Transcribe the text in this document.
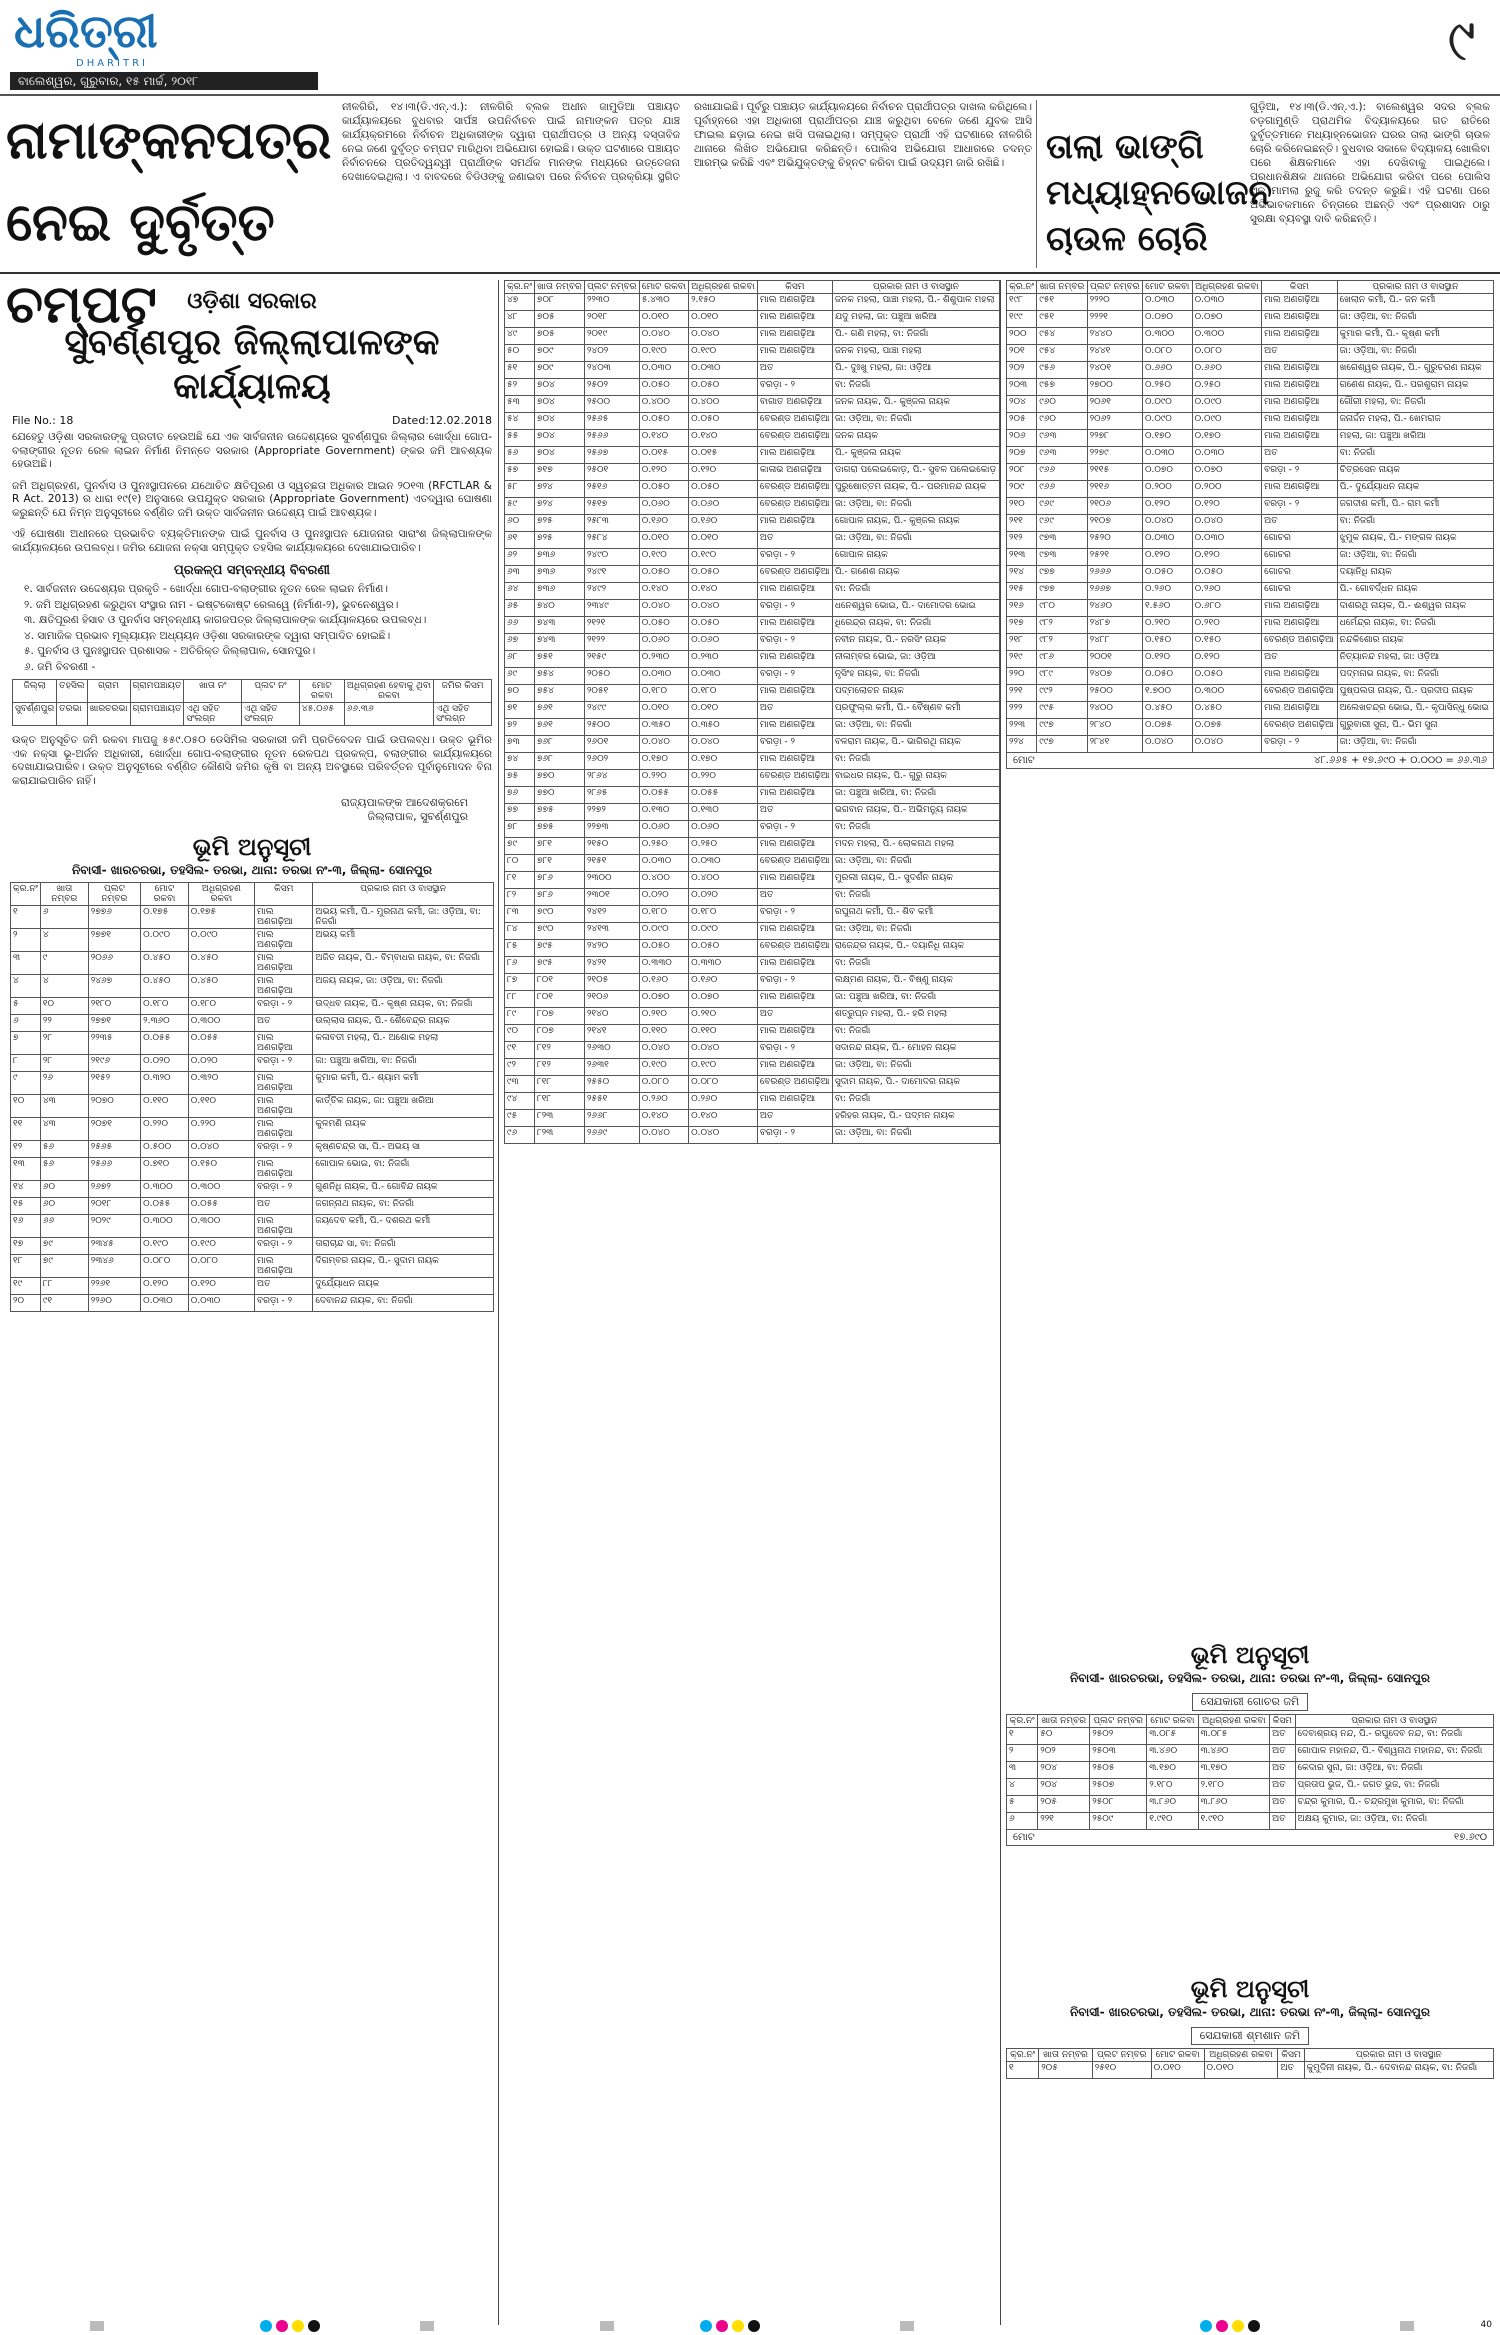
ଧରିତ୍ରୀ
DHARITRI
ବାଲେଶ୍ୱର, ଗୁରୁବାର, ୧୫ ମାର୍ଚ୍ଚ, ୨୦୧୮
୯
ନାମାଙ୍କନପତ୍ର
ନେଇ ଦୁର୍ବୃତ୍ତ ଚମ୍ପଟ
ନୀଳଗିରି, ୧୪।୩(ଡି.ଏନ୍.ଏ.): ନୀଳଗିରି ବ୍ଲକ ଅଧୀନ ଜାମୁଡିଆ ପଞ୍ଚାୟତ କାର୍ଯ୍ୟାଳୟରେ ବୁଧବାର ସାର୍ପଞ୍ଚ ଉପନିର୍ବାଚନ ପାଇଁ ନାମାଙ୍କନ ପତ୍ର ଯାଞ୍ଚ କାର୍ଯ୍ୟକ୍ରମରେ ନିର୍ବାଚନ ଅଧିକାରୀଙ୍କ ଦ୍ୱାରା ପ୍ରାର୍ଥୀପତ୍ର ଓ ଅନ୍ୟ ଦସ୍ତାବିଜ ନେଇ ଜଣେ ଦୁର୍ବୃତ୍ତ ଚମ୍ପଟ ମାରିଥିବା ଅଭିଯୋଗ ହୋଇଛି। ଉକ୍ତ ଘଟଣାରେ ପଞ୍ଚାୟତ ନିର୍ବାଚନରେ ପ୍ରତିଦ୍ୱନ୍ଦ୍ୱୀ ପ୍ରାର୍ଥୀଙ୍କ ସମର୍ଥକ ମାନଙ୍କ ମଧ୍ୟରେ ଉତ୍ତେଜନା ଦେଖାଦେଇଥିଲା। ଏ ବାବଦରେ ବିଡିଓଙ୍କୁ ଜଣାଇବା ପରେ ନିର୍ବାଚନ ପ୍ରକ୍ରିୟା ସ୍ଥଗିତ ରଖାଯାଇଛି। ପୂର୍ବରୁ ପଞ୍ଚାୟତ କାର୍ଯ୍ୟାଳୟରେ ନିର୍ବାଚନ ପ୍ରାର୍ଥୀପତ୍ର ଦାଖଲ କରିଥିଲେ। ପୂର୍ବାହ୍ନରେ ଏହା ଅଧିକାରୀ ପ୍ରାର୍ଥୀପତ୍ର ଯାଞ୍ଚ କରୁଥିବା ବେଳେ ଜଣେ ଯୁବକ ଆସି ଫାଇଲ ଛଡ଼ାଇ ନେଇ ଖସି ପଳାଇଥିଲା। ସମ୍ପୃକ୍ତ ପ୍ରାର୍ଥୀ ଏହି ଘଟଣାରେ ନୀଳଗିରି ଥାନାରେ ଲିଖିତ ଅଭିଯୋଗ କରିଛନ୍ତି। ପୋଲିସ ଅଭିଯୋଗ ଆଧାରରେ ତଦନ୍ତ ଆରମ୍ଭ କରିଛି ଏବଂ ଅଭିଯୁକ୍ତଙ୍କୁ ଚିହ୍ନଟ କରିବା ପାଇଁ ଉଦ୍ୟମ ଜାରି ରଖିଛି।	ତାଲା ଭାଙ୍ଗି
ମଧ୍ୟାହ୍ନଭୋଜନ
ଚାଉଳ ଚୋରି
ଗୁଡ଼ିଆ, ୧୪।୩(ଡି.ଏନ୍.ଏ.): ବାଲେଶ୍ୱର ସଦର ବ୍ଲକ ବଡ଼ଗାମୁଣ୍ଡି ପ୍ରାଥମିକ ବିଦ୍ୟାଳୟରେ ଗତ ରାତିରେ ଦୁର୍ବୃତ୍ତମାନେ ମଧ୍ୟାହ୍ନଭୋଜନ ଘରର ତାଲା ଭାଙ୍ଗି ଚାଉଳ ଚୋରି କରିନେଇଛନ୍ତି। ବୁଧବାର ସକାଳେ ବିଦ୍ୟାଳୟ ଖୋଲିବା ପରେ ଶିକ୍ଷକମାନେ ଏହା ଦେଖିବାକୁ ପାଇଥିଲେ। ପ୍ରଧାନଶିକ୍ଷକ ଥାନାରେ ଅଭିଯୋଗ କରିବା ପରେ ପୋଲିସ ଏକ ମାମଲା ରୁଜୁ କରି ତଦନ୍ତ କରୁଛି। ଏହି ଘଟଣା ପରେ ଅଭିଭାବକମାନେ ଚିନ୍ତାରେ ଅଛନ୍ତି ଏବଂ ପ୍ରଶାସନ ଠାରୁ ସୁରକ୍ଷା ବ୍ୟବସ୍ଥା ଦାବି କରିଛନ୍ତି।
ଓଡ଼ିଶା ସରକାର
ସୁବର୍ଣ୍ଣପୁର ଜିଲ୍ଲାପାଳଙ୍କ କାର୍ଯ୍ୟାଳୟ
File No.: 18	Dated:12.02.2018
ଯେହେତୁ ଓଡ଼ିଶା ସରକାରଙ୍କୁ ପ୍ରତୀତ ହେଉଅଛି ଯେ ଏକ ସାର୍ବଜନୀନ ଉଦ୍ଦେଶ୍ୟରେ ସୁବର୍ଣ୍ଣପୁର ଜିଲ୍ଲାର ଖୋର୍ଦ୍ଧା ଗୋପ-ବଲାଙ୍ଗୀର ନୂତନ ରେଳ ଲାଇନ ନିର୍ମାଣ ନିମନ୍ତେ ସରକାର (Appropriate Government) ଙ୍କର ଜମି ଆବଶ୍ୟକ ହେଉଅଛି।
ଜମି ଅଧିଗ୍ରହଣ, ପୁନର୍ବାସ ଓ ପୁନଃସ୍ଥାପନରେ ଯଥୋଚିତ କ୍ଷତିପୂରଣ ଓ ସ୍ୱଚ୍ଛତା ଅଧିକାର ଆଇନ ୨୦୧୩ (RFCTLAR & R Act. 2013) ର ଧାରା ୧୯(୧) ଅନୁସାରେ ଉପଯୁକ୍ତ ସରକାର (Appropriate Government) ଏତଦ୍ୱାରା ଘୋଷଣା କରୁଛନ୍ତି ଯେ ନିମ୍ନ ଅନୁସୂଚୀରେ ବର୍ଣ୍ଣିତ ଜମି ଉକ୍ତ ସାର୍ବଜନୀନ ଉଦ୍ଦେଶ୍ୟ ପାଇଁ ଆବଶ୍ୟକ।
ଏହି ଘୋଷଣା ଅଧୀନରେ ପ୍ରଭାବିତ ବ୍ୟକ୍ତିମାନଙ୍କ ପାଇଁ ପୁନର୍ବାସ ଓ ପୁନଃସ୍ଥାପନ ଯୋଜନାର ସାରାଂଶ ଜିଲ୍ଲାପାଳଙ୍କ କାର୍ଯ୍ୟାଳୟରେ ଉପଲବ୍ଧ। ଜମିର ଯୋଜନା ନକ୍ସା ସମ୍ପୃକ୍ତ ତହସିଲ କାର୍ଯ୍ୟାଳୟରେ ଦେଖାଯାଇପାରିବ।
ପ୍ରକଳ୍ପ ସମ୍ବନ୍ଧୀୟ ବିବରଣୀ
୧. ସାର୍ବଜନୀନ ଉଦ୍ଦେଶ୍ୟର ପ୍ରକୃତି - ଖୋର୍ଦ୍ଧା ଗୋପ-ବଲାଙ୍ଗୀର ନୂତନ ରେଳ ଲାଇନ ନିର୍ମାଣ।
୨. ଜମି ଅଧିଗ୍ରହଣ କରୁଥିବା ସଂସ୍ଥାର ନାମ - ଇଷ୍ଟକୋଷ୍ଟ ରେଲୱେ (ନିର୍ମାଣ-୨), ଭୁବନେଶ୍ୱର।
୩. କ୍ଷତିପୂରଣ ହିସାବ ଓ ପୁନର୍ବାସ ସମ୍ବନ୍ଧୀୟ କାଗଜପତ୍ର ଜିଲ୍ଲାପାଳଙ୍କ କାର୍ଯ୍ୟାଳୟରେ ଉପଲବ୍ଧ।
୪. ସାମାଜିକ ପ୍ରଭାବ ମୂଲ୍ୟାୟନ ଅଧ୍ୟୟନ ଓଡ଼ିଶା ସରକାରଙ୍କ ଦ୍ୱାରା ସମ୍ପାଦିତ ହୋଇଛି।
୫. ପୁନର୍ବାସ ଓ ପୁନଃସ୍ଥାପନ ପ୍ରଶାସକ - ଅତିରିକ୍ତ ଜିଲ୍ଲାପାଳ, ସୋନପୁର।
୬. ଜମି ବିବରଣୀ -
ଜିଲ୍ଲା	ତହସିଲ	ଗ୍ରାମ	ଗ୍ରାମପଞ୍ଚାୟତ	ଖାତା ନଂ	ପ୍ଲଟ ନଂ	ମୋଟ ରକବା	ଅଧିଗ୍ରହଣ ହେବାକୁ ଥିବା ରକବା	ଜମିର କିସମ
ସୁବର୍ଣ୍ଣପୁର	ତରଭା	ଖାରଚରଭା	ଗ୍ରାମପଞ୍ଚାୟତ	ଏଥି ସହିତ ସଂଲଗ୍ନ	ଏଥି ସହିତ ସଂଲଗ୍ନ	୪୫.୦୬୫	୬୬.୩୬	ଏଥି ସହିତ ସଂଲଗ୍ନ
ଉକ୍ତ ଅନୁସୂଚିତ ଜମି ରକବା ମାପଜୁ ୫୫୯.୦୫୦ ଡେସିମିଲ ସରକାରୀ ଜମି ପ୍ରତିବେଦନ ପାଇଁ ଉପଲବ୍ଧ। ଉକ୍ତ ଭୂମିର ଏକ ନକ୍ସା ଭୂ-ଅର୍ଜନ ଅଧିକାରୀ, ଖୋର୍ଦ୍ଧା ଗୋପ-ବଲାଙ୍ଗୀର ନୂତନ ରେଳପଥ ପ୍ରକଳ୍ପ, ବଲାଙ୍ଗୀର କାର୍ଯ୍ୟାଳୟରେ ଦେଖାଯାଇପାରିବ। ଉକ୍ତ ଅନୁସୂଚୀରେ ବର୍ଣ୍ଣିତ କୌଣସି ଜମିର କୃଷି ବା ଅନ୍ୟ ଅବସ୍ଥାରେ ପରିବର୍ତ୍ତନ ପୂର୍ବାନୁମୋଦନ ବିନା କରାଯାଇପାରିବ ନାହିଁ।
ରାଜ୍ୟପାଳଙ୍କ ଆଦେଶକ୍ରମେ
ଜିଲ୍ଲାପାଳ, ସୁବର୍ଣ୍ଣପୁର
ଭୂମି ଅନୁସୂଚୀ
ନିବାସୀ- ଖାରଚରଭା, ତହସିଲ- ତରଭା, ଥାନା: ତରଭା ନଂ-୩, ଜିଲ୍ଲା- ସୋନପୁର
କ୍ର.ନଂ	ଖାତା ନମ୍ବର	ପ୍ଲଟ ନମ୍ବର	ମୋଟ ରକବା	ଅଧିଗ୍ରହଣ ରକବା	କିସମ	ପ୍ରକାର ନାମ ଓ ବାସସ୍ଥାନ
୧	୬	୨୭୭୬	୦.୧୭୫	୦.୧୭୫	ମାଲ ଅଣଗଢ଼ିଆ	ଅଭୟ କର୍ମୀ, ପି.- ମୁରନାଥ କର୍ମୀ, ଜା: ଓଡ଼ିଆ, ବା: ନିଜଗାଁ
୨	୪	୨୭୭୧	୦.୦୯୦	୦.୦୯୦	ମାଲ ଅଣଗଢ଼ିଆ	ଅଭୟ କର୍ମୀ
୩	୯	୨୦୬୬	୦.୪୫୦	୦.୪୫୦	ମାଲ ଅଣଗଢ଼ିଆ	ଅଜିତ ନାୟକ, ପି.- ବିମ୍ବାଧର ନାୟକ, ବା: ନିଜଗାଁ
୪	୪	୨୪୬୭	୦.୪୫୦	୦.୪୫୦	ମାଲ ଅଣଗଢ଼ିଆ	ଅଜୟ ନାୟକ, ଜା: ଓଡ଼ିଆ, ବା: ନିଜଗାଁ
୫	୧୦	୨୧୮୦	୦.୧୮୦	୦.୧୮୦	ବରଡ଼ା - ୨	ଉଦ୍ଧବ ନାୟକ, ପି.- କୃଷ୍ଣ ନାୟକ, ବା: ନିଜଗାଁ
୬	୨୨	୨୭୭୧	୨.୩୬୦	୦.୩୦୦	ଅତ	ଉଲ୍ଲାସ ନାୟକ, ପି.- ଶୈବେନ୍ଦ୍ର ନାୟକ
୭	୨୮	୨୨୩୫	୦.୦୫୫	୦.୦୫୫	ମାଲ ଅଣଗଢ଼ିଆ	କଳାବତୀ ମହଲା, ପି.- ଅଶୋକ ମହଲା
୮	୨୮	୨୧୯୬	୦.୦୨୦	୦.୦୨୦	ବରଡ଼ା - ୨	ଜା: ପଞ୍ଚୁଆ ଖରିଆ, ବା: ନିଜଗାଁ
୯	୨୬	୨୧୫୨	୦.୩୨୦	୦.୩୨୦	ମାଲ ଅଣଗଢ଼ିଆ	କୁମାର କର୍ମୀ, ପି.- ଶ୍ୟାମ କର୍ମୀ
୧୦	୪୩	୨୦୭୦	୦.୧୧୦	୦.୧୧୦	ମାଲ ଅଣଗଢ଼ିଆ	କାର୍ତ୍ତିକ ନାୟକ, ଜା: ପଞ୍ଚୁଆ ଖରିଆ
୧୧	୪୩	୨୦୭୧	୦.୨୨୦	୦.୨୨୦	ମାଲ ଅଣଗଢ଼ିଆ	କୁଳମଣି ନାୟକ
୧୨	୫୬	୨୫୬୫	୦.୫୦୦	୦.୦୪୦	ବରଡ଼ା - ୨	କୃଷ୍ଣଚନ୍ଦ୍ର ସା, ପି.- ଅଭୟ ସା
୧୩	୫୬	୨୫୬୬	୦.୭୧୦	୦.୧୫୦	ମାଲ ଅଣଗଢ଼ିଆ	ଗୋପାଳ ଭୋଇ, ବା: ନିଜଗାଁ
୧୪	୬୦	୨୬୭୨	୦.୩୦୦	୦.୩୦୦	ବରଡ଼ା - ୨	ଗୁଣନିଧି ନାୟକ, ପି.- ଗୋବିନ୍ଦ ନାୟକ
୧୫	୬୦	୨୦୧୮	୦.୦୫୫	୦.୦୫୫	ଅତ	ଜଗନ୍ନାଥ ନାୟକ, ବା: ନିଜଗାଁ
୧୬	୬୬	୨୦୨୯	୦.୩୦୦	୦.୩୦୦	ମାଲ ଅଣଗଢ଼ିଆ	ଜୟଦେବ କର୍ମୀ, ପି.- ଦଶରଥ କର୍ମୀ
୧୭	୭୯	୨୩୪୫	୦.୧୯୦	୦.୧୯୦	ବରଡ଼ା - ୨	ତାରାଚାନ୍ଦ ସା, ବା: ନିଜଗାଁ
୧୮	୭୯	୨୩୪୬	୦.୦୮୦	୦.୦୮୦	ମାଲ ଅଣଗଢ଼ିଆ	ଦିଗମ୍ବର ନାୟକ, ପି.- ସୁଦାମ ନାୟକ
୧୯	୮୮	୨୨୬୧	୦.୧୨୦	୦.୧୨୦	ଅତ	ଦୁର୍ଯ୍ୟୋଧନ ନାୟକ
୨୦	୯୧	୨୨୬୦	୦.୦୩୦	୦.୦୩୦	ବରଡ଼ା - ୨	ଦେବାନନ୍ଦ ନାୟକ, ବା: ନିଜଗାଁ
କ୍ର.ନଂ	ଖାତା ନମ୍ବର	ପ୍ଲଟ ନମ୍ବର	ମୋଟ ରକବା	ଅଧିଗ୍ରହଣ ରକବା	କିସମ	ପ୍ରକାର ନାମ ଓ ବାସସ୍ଥାନ
୪୭	୭୦୮	୨୨୩୦	୫.୪୩୦	୨.୧୫୦	ମାଲ ଅଣଗଢ଼ିଆ	ଜନକ ମହଲା, ପାଞ୍ଚା ମହଲା, ପି.- ଶିଶୁପାଳ ମହଲା
୪୮	୭୦୫	୨୦୧୮	୦.୦୧୦	୦.୦୧୦	ମାଲ ଅଣଗଢ଼ିଆ	ଯଦୁ ମହଲା, ଜା: ପଞ୍ଚୁଆ ଖରିଆ
୪୯	୭୦୫	୨୦୧୯	୦.୦୪୦	୦.୦୪୦	ମାଲ ଅଣଗଢ଼ିଆ	ପି.- ଗଣି ମହଲା, ବା: ନିଜଗାଁ
୫୦	୭୦୯	୨୪୦୨	୦.୧୯୦	୦.୧୯୦	ମାଲ ଅଣଗଢ଼ିଆ	ଜନକ ମହଲା, ପାଞ୍ଚା ମହଲା
୫୧	୭୦୯	୨୪୦୩	୦.୦୩୦	୦.୦୩୦	ଅତ	ପି.- ଦୁଃଖୁ ମହଲା, ଜା: ଓଡ଼ିଆ
୫୨	୭୦୪	୨୫୦୨	୦.୦୫୦	୦.୦୫୦	ବରଡ଼ା - ୨	ବା: ନିଜଗାଁ
୫୩	୭୦୪	୨୫୦୦	୦.୪୦୦	୦.୪୦୦	ବାଗାତ ଅଣଗଢ଼ିଆ	ଜନକ ନାୟକ, ପି.- କୁଞ୍ଜଲ ନାୟକ
୫୪	୭୦୪	୨୫୬୫	୦.୦୫୦	୦.୦୫୦	ବେରଣ୍ଡ ଅଣଗଢ଼ିଆ	ଜା: ଓଡ଼ିଆ, ବା: ନିଜଗାଁ
୫୫	୭୦୪	୨୫୬୬	୦.୧୪୦	୦.୧୪୦	ବେରଣ୍ଡ ଅଣଗଢ଼ିଆ	ଜନକ ନାୟକ
୫୬	୭୦୪	୨୫୬୭	୦.୦୧୫	୦.୦୧୫	ମାଲ ଅଣଗଢ଼ିଆ	ପି.- କୁଞ୍ଜଲ ନାୟକ
୫୭	୭୧୭	୨୫୦୧	୦.୧୨୦	୦.୧୨୦	କାଳାଭ ଅଣଗଢ଼ିଆ	ଡାଗରା ପଲେଇକୋଡ଼, ପି.- ସୁବଳ ପଲେଇକୋଡ଼
୫୮	୭୨୪	୨୫୧୬	୦.୦୫୦	୦.୦୫୦	ବେରଣ୍ଡ ଅଣଗଢ଼ିଆ	ପୁରୁଷୋତ୍ତମ ନାୟକ, ପି.- ପରମାନନ୍ଦ ନାୟକ
୫୯	୭୨୪	୨୫୧୭	୦.୦୬୦	୦.୦୬୦	ବେରଣ୍ଡ ଅଣଗଢ଼ିଆ	ଜା: ଓଡ଼ିଆ, ବା: ନିଜଗାଁ
୬୦	୭୨୫	୨୫୮୩	୦.୧୬୦	୦.୧୬୦	ମାଲ ଅଣଗଢ଼ିଆ	ଗୋପାଳ ନାୟକ, ପି.- କୁଞ୍ଜଲ ନାୟକ
୬୧	୭୨୫	୨୫୮୪	୦.୦୧୦	୦.୦୧୦	ଅତ	ଜା: ଓଡ଼ିଆ, ବା: ନିଜଗାଁ
୬୨	୭୩୬	୨୪୯୦	୦.୧୯୦	୦.୧୯୦	ବରଡ଼ା - ୨	ଗୋପାଳ ନାୟକ
୬୩	୭୩୬	୨୪୯୧	୦.୦୫୦	୦.୦୫୦	ବେରଣ୍ଡ ଅଣଗଢ଼ିଆ	ପି.- ଗଣେଶ ନାୟକ
୬୪	୭୩୬	୨୪୯୨	୦.୧୪୦	୦.୧୪୦	ମାଲ ଅଣଗଢ଼ିଆ	ବା: ନିଜଗାଁ
୬୫	୭୪୦	୨୩୪୯	୦.୦୪୦	୦.୦୪୦	ବରଡ଼ା - ୨	ଧନେଶ୍ୱର ଭୋଇ, ପି.- ଦାମୋଦର ଭୋଇ
୬୬	୭୪୩	୨୧୨୧	୦.୦୫୦	୦.୦୫୦	ମାଲ ଅଣଗଢ଼ିଆ	ଧିରେନ୍ଦ୍ର ନାୟକ, ବା: ନିଜଗାଁ
୬୭	୭୪୩	୨୧୨୨	୦.୦୬୦	୦.୦୬୦	ବରଡ଼ା - ୨	ନବୀନ ନାୟକ, ପି.- ନରସିଂ ନାୟକ
୬୮	୭୫୧	୨୧୫୯	୦.୨୩୦	୦.୨୩୦	ମାଲ ଅଣଗଢ଼ିଆ	ନୀଳାମ୍ବର ଭୋଇ, ଜା: ଓଡ଼ିଆ
୬୯	୭୫୪	୨୦୫୦	୦.୦୩୦	୦.୦୩୦	ବରଡ଼ା - ୨	ନୃସିଂହ ନାୟକ, ବା: ନିଜଗାଁ
୭୦	୭୫୪	୨୦୫୧	୦.୧୮୦	୦.୧୮୦	ମାଲ ଅଣଗଢ଼ିଆ	ପଦ୍ମଲୋଚନ ନାୟକ
୭୧	୭୬୧	୨୪୯୯	୦.୦୧୦	୦.୦୧୦	ଅତ	ପ୍ରଫୁଲ୍ଲ କର୍ମୀ, ପି.- ବୈଷ୍ଣବ କର୍ମୀ
୭୨	୭୬୧	୨୫୦୦	୦.୩୫୦	୦.୩୫୦	ମାଲ ଅଣଗଢ଼ିଆ	ଜା: ଓଡ଼ିଆ, ବା: ନିଜଗାଁ
୭୩	୭୬୮	୨୬୦୧	୦.୦୪୦	୦.୦୪୦	ବରଡ଼ା - ୨	ବଳରାମ ନାୟକ, ପି.- ଭାଗିରଥି ନାୟକ
୭୪	୭୬୮	୨୬୦୨	୦.୧୭୦	୦.୧୭୦	ମାଲ ଅଣଗଢ଼ିଆ	ବା: ନିଜଗାଁ
୭୫	୭୭୦	୨୮୬୪	୦.୨୨୦	୦.୨୨୦	ବେରଣ୍ଡ ଅଣଗଢ଼ିଆ	ବାଇଧର ନାୟକ, ପି.- ଗୁରୁ ନାୟକ
୭୬	୭୭୦	୨୮୬୫	୦.୦୫୫	୦.୦୫୫	ମାଲ ଅଣଗଢ଼ିଆ	ଜା: ପଞ୍ଚୁଆ ଖରିଆ, ବା: ନିଜଗାଁ
୭୭	୭୭୫	୨୨୭୨	୦.୧୩୦	୦.୧୩୦	ଅତ	ଭଗବାନ ନାୟକ, ପି.- ଅଭିମନ୍ୟୁ ନାୟକ
୭୮	୭୭୫	୨୨୭୩	୦.୦୬୦	୦.୦୬୦	ବରଡ଼ା - ୨	ବା: ନିଜଗାଁ
୭୯	୭୮୧	୨୧୫୦	୦.୨୫୦	୦.୨୫୦	ମାଲ ଅଣଗଢ଼ିଆ	ମଦନ ମହଲା, ପି.- ଲୋକନାଥ ମହଲା
୮୦	୭୮୧	୨୧୫୧	୦.୦୩୦	୦.୦୩୦	ବେରଣ୍ଡ ଅଣଗଢ଼ିଆ	ଜା: ଓଡ଼ିଆ, ବା: ନିଜଗାଁ
୮୧	୭୮୬	୨୩୦୦	୦.୪୦୦	୦.୪୦୦	ମାଲ ଅଣଗଢ଼ିଆ	ମୁରଲୀ ନାୟକ, ପି.- ସୁଦର୍ଶନ ନାୟକ
୮୨	୭୮୬	୨୩୦୧	୦.୦୨୦	୦.୦୨୦	ଅତ	ବା: ନିଜଗାଁ
୮୩	୭୯୦	୨୪୧୨	୦.୧୮୦	୦.୧୮୦	ବରଡ଼ା - ୨	ରଘୁନାଥ କର୍ମୀ, ପି.- ଶିବ କର୍ମୀ
୮୪	୭୯୦	୨୪୧୩	୦.୦୯୦	୦.୦୯୦	ମାଲ ଅଣଗଢ଼ିଆ	ଜା: ଓଡ଼ିଆ, ବା: ନିଜଗାଁ
୮୫	୭୯୫	୨୪୨୦	୦.୦୫୦	୦.୦୫୦	ବେରଣ୍ଡ ଅଣଗଢ଼ିଆ	ରାଜେନ୍ଦ୍ର ନାୟକ, ପି.- ଦୟାନିଧି ନାୟକ
୮୬	୭୯୫	୨୪୨୧	୦.୩୩୦	୦.୩୩୦	ମାଲ ଅଣଗଢ଼ିଆ	ବା: ନିଜଗାଁ
୮୭	୮୦୧	୨୧୦୫	୦.୧୬୦	୦.୧୬୦	ବରଡ଼ା - ୨	ଲକ୍ଷ୍ମଣ ନାୟକ, ପି.- ବିଷ୍ଣୁ ନାୟକ
୮୮	୮୦୧	୨୧୦୬	୦.୦୭୦	୦.୦୭୦	ମାଲ ଅଣଗଢ଼ିଆ	ଜା: ପଞ୍ଚୁଆ ଖରିଆ, ବା: ନିଜଗାଁ
୮୯	୮୦୭	୨୧୪୦	୦.୨୧୦	୦.୨୧୦	ଅତ	ଶତ୍ରୁଘ୍ନ ମହଲା, ପି.- ହରି ମହଲା
୯୦	୮୦୭	୨୧୪୧	୦.୧୧୦	୦.୧୧୦	ମାଲ ଅଣଗଢ଼ିଆ	ବା: ନିଜଗାଁ
୯୧	୮୧୨	୨୬୩୦	୦.୦୪୦	୦.୦୪୦	ବରଡ଼ା - ୨	ସଦାନନ୍ଦ ନାୟକ, ପି.- ମୋହନ ନାୟକ
୯୨	୮୧୨	୨୬୩୧	୦.୧୯୦	୦.୧୯୦	ମାଲ ଅଣଗଢ଼ିଆ	ଜା: ଓଡ଼ିଆ, ବା: ନିଜଗାଁ
୯୩	୮୧୮	୨୫୫୦	୦.୦୮୦	୦.୦୮୦	ବେରଣ୍ଡ ଅଣଗଢ଼ିଆ	ସୁଦାମ ନାୟକ, ପି.- ଦାମୋଦର ନାୟକ
୯୪	୮୧୮	୨୫୫୧	୦.୨୬୦	୦.୨୬୦	ମାଲ ଅଣଗଢ଼ିଆ	ବା: ନିଜଗାଁ
୯୫	୮୨୩	୨୬୬୮	୦.୧୪୦	୦.୧୪୦	ଅତ	ହରିହର ନାୟକ, ପି.- ପଦ୍ମନ ନାୟକ
୯୬	୮୨୩	୨୬୬୯	୦.୦୪୦	୦.୦୪୦	ବରଡ଼ା - ୨	ଜା: ଓଡ଼ିଆ, ବା: ନିଜଗାଁ
କ୍ର.ନଂ	ଖାତା ନମ୍ବର	ପ୍ଲଟ ନମ୍ବର	ମୋଟ ରକବା	ଅଧିଗ୍ରହଣ ରକବା	କିସମ	ପ୍ରକାର ନାମ ଓ ବାସସ୍ଥାନ
୧୯୮	୯୫୧	୨୨୨୦	୦.୦୩୦	୦.୦୩୦	ମାଲ ଅଣଗଢ଼ିଆ	ଖେଲାନ କର୍ମୀ, ପି.- ଜନ କର୍ମୀ
୧୯୯	୯୫୧	୨୨୨୧	୦.୦୭୦	୦.୦୭୦	ମାଲ ଅଣଗଢ଼ିଆ	ଜା: ଓଡ଼ିଆ, ବା: ନିଜଗାଁ
୨୦୦	୯୫୪	୨୪୪୦	୦.୩୦୦	୦.୩୦୦	ମାଲ ଅଣଗଢ଼ିଆ	କୁମାର କର୍ମୀ, ପି.- କୃଷ୍ଣ କର୍ମୀ
୨୦୧	୯୫୪	୨୪୪୧	୦.୦୮୦	୦.୦୮୦	ଅତ	ଜା: ଓଡ଼ିଆ, ବା: ନିଜଗାଁ
୨୦୨	୯୫୬	୨୪୦୧	୦.୬୬୦	୦.୬୬୦	ମାଲ ଅଣଗଢ଼ିଆ	ଖଗେଶ୍ୱର ନାୟକ, ପି.- ଗୁରୁଚରଣ ନାୟକ
୨୦୩	୯୫୭	୨୭୦୦	୦.୨୫୦	୦.୨୫୦	ମାଲ ଅଣଗଢ଼ିଆ	ଗଣେଶ ନାୟକ, ପି.- ପରଶୁରାମ ନାୟକ
୨୦୪	୯୬୦	୨୦୬୧	୦.୦୯୦	୦.୦୯୦	ମାଲ ଅଣଗଢ଼ିଆ	ଗୌରୀ ମହଲା, ବା: ନିଜଗାଁ
୨୦୫	୯୬୦	୨୦୬୨	୦.୦୯୦	୦.୦୯୦	ମାଲ ଅଣଗଢ଼ିଆ	ଜନାର୍ଦ୍ଦନ ମହଲା, ପି.- ଖେମରାଜ
୨୦୬	୯୬୩	୨୨୭୮	୦.୧୭୦	୦.୧୭୦	ମାଲ ଅଣଗଢ଼ିଆ	ମହଲା, ଜା: ପଞ୍ଚୁଆ ଖରିଆ
୨୦୭	୯୬୩	୨୨୭୯	୦.୦୩୦	୦.୦୩୦	ଅତ	ବା: ନିଜଗାଁ
୨୦୮	୯୬୬	୨୧୧୫	୦.୦୭୦	୦.୦୭୦	ବରଡ଼ା - ୨	ଚିତ୍ରସେନ ନାୟକ
୨୦୯	୯୬୬	୨୧୧୬	୦.୨୦୦	୦.୨୦୦	ମାଲ ଅଣଗଢ଼ିଆ	ପି.- ଦୁର୍ଯ୍ୟୋଧନ ନାୟକ
୨୧୦	୯୬୯	୨୧୦୬	୦.୧୨୦	୦.୧୨୦	ବରଡ଼ା - ୨	ଜଗଦୀଶ କର୍ମୀ, ପି.- ରାମ କର୍ମୀ
୨୧୧	୯୬୯	୨୧୦୭	୦.୦୪୦	୦.୦୪୦	ଅତ	ବା: ନିଜଗାଁ
୨୧୨	୯୭୩	୨୫୨୦	୦.୦୩୦	୦.୦୩୦	ଗୋଚର	ଝୁମୁକ ନାୟକ, ପି.- ମଙ୍ଗଳ ନାୟକ
୨୧୩	୯୭୩	୨୫୨୧	୦.୧୨୦	୦.୧୨୦	ଗୋଚର	ଜା: ଓଡ଼ିଆ, ବା: ନିଜଗାଁ
୨୧୪	୯୭୭	୨୬୬୬	୦.୦୫୦	୦.୦୫୦	ଗୋଚର	ଦୟାନିଧି ନାୟକ
୨୧୫	୯୭୭	୨୬୬୭	୦.୨୬୦	୦.୨୬୦	ଗୋଚର	ପି.- ଗୋବର୍ଦ୍ଧନ ନାୟକ
୨୧୬	୯୮୦	୨୪୬୦	୧.୫୬୦	୦.୬୮୦	ମାଲ ଅଣଗଢ଼ିଆ	ଦାଶରଥି ନାୟକ, ପି.- ଈଶ୍ୱର ନାୟକ
୨୧୭	୯୮୨	୨୪୮୭	୦.୨୧୦	୦.୨୧୦	ମାଲ ଅଣଗଢ଼ିଆ	ଧର୍ମେନ୍ଦ୍ର ନାୟକ, ବା: ନିଜଗାଁ
୨୧୮	୯୮୨	୨୪୮୮	୦.୧୫୦	୦.୧୫୦	ବେରଣ୍ଡ ଅଣଗଢ଼ିଆ	ନନ୍ଦକିଶୋର ନାୟକ
୨୧୯	୯୮୬	୨୦୦୧	୦.୧୨୦	୦.୧୨୦	ଅତ	ନିତ୍ୟାନନ୍ଦ ମହଲା, ଜା: ଓଡ଼ିଆ
୨୨୦	୯୮୯	୨୪୦୭	୦.୦୫୦	୦.୦୫୦	ମାଲ ଅଣଗଢ଼ିଆ	ପଦ୍ମନାଭ ନାୟକ, ବା: ନିଜଗାଁ
୨୨୧	୯୯୨	୨୫୦୦	୧.୭୦୦	୦.୩୦୦	ବେରଣ୍ଡ ଅଣଗଢ଼ିଆ	ପୁଷ୍ପଲତା ନାୟକ, ପି.- ପ୍ରଦୀପ ନାୟକ
୨୨୨	୯୯୫	୨୪୦୦	୦.୪୫୦	୦.୪୫୦	ମାଲ ଅଣଗଢ଼ିଆ	ଅଲେଖଚନ୍ଦ୍ର ଭୋଇ, ପି.- କୃପାସିନ୍ଧୁ ଭୋଇ
୨୨୩	୯୯୭	୨୮୪୦	୦.୦୭୫	୦.୦୭୫	ବେରଣ୍ଡ ଅଣଗଢ଼ିଆ	ଗୁରୁବାରୀ ସୁନା, ପି.- ଭିମ ସୁନା
୨୨୪	୯୯୭	୨୮୪୧	୦.୦୪୦	୦.୦୪୦	ବରଡ଼ା - ୨	ଜା: ଓଡ଼ିଆ, ବା: ନିଜଗାଁ
ମୋଟ	୪୮.୬୬୫ + ୧୭.୬୯୦ + ୦.୦୦୦ = ୬୬.୩୬
ଭୂମି ଅନୁସୂଚୀ
ନିବାସୀ- ଖାରଚରଭା, ତହସିଲ- ତରଭା, ଥାନା: ତରଭା ନଂ-୩, ଜିଲ୍ଲା- ସୋନପୁର
ସେଯକାରୀ ଗୋଚର ଜମି
କ୍ର.ନଂ	ଖାତା ନମ୍ବର	ପ୍ଲଟ ନମ୍ବର	ମୋଟ ରକବା	ଅଧିଗ୍ରହଣ ରକବା	କିସମ	ପ୍ରକାର ନାମ ଓ ବାସସ୍ଥାନ
୧	୫୦	୨୫୦୨	୩.୦୮୫	୩.୦୮୫	ଅତ	ଦେବାଶ୍ରୟ ନନ୍ଦ, ପି.- ରଘୁଦେବ ନନ୍ଦ, ବା: ନିଜଗାଁ
୨	୨୦୨	୨୫୦୩	୩.୪୬୦	୩.୪୬୦	ଅତ	ଗୋପାଳ ମହାନନ୍ଦ, ପି.- ବିଶ୍ୱନାଥ ମହାନନ୍ଦ, ବା: ନିଜଗାଁ
୩	୨୦୪	୨୫୦୫	୩.୧୭୦	୩.୧୭୦	ଅତ	କେଦାର ସୁନା, ଜା: ଓଡ଼ିଆ, ବା: ନିଜଗାଁ
୪	୨୦୪	୨୫୦୭	୨.୧୮୦	୨.୧୮୦	ଅତ	ପ୍ରତାପ ଭୁଜ, ପି.- ଜଗତ ଭୁଜ, ବା: ନିଜଗାଁ
୫	୨୦୫	୨୫୦୮	୩.୮୬୦	୩.୮୬୦	ଅତ	ଚନ୍ଦ୍ର କୁମାର, ପି.- ଚନ୍ଦ୍ରମୁଖ କୁମାର, ବା: ନିଜଗାଁ
୬	୨୨୧	୨୫୦୯	୧.୯୧୦	୧.୯୧୦	ଅତ	ଅକ୍ଷୟ କୁମାର, ଜା: ଓଡ଼ିଆ, ବା: ନିଜଗାଁ
ମୋଟ	୧୭.୬୯୦
ଭୂମି ଅନୁସୂଚୀ
ନିବାସୀ- ଖାରଚରଭା, ତହସିଲ- ତରଭା, ଥାନା: ତରଭା ନଂ-୩, ଜିଲ୍ଲା- ସୋନପୁର
ସେଯକାରୀ ଶ୍ମଶାନ ଜମି
କ୍ର.ନଂ	ଖାତା ନମ୍ବର	ପ୍ଲଟ ନମ୍ବର	ମୋଟ ରକବା	ଅଧିଗ୍ରହଣ ରକବା	କିସମ	ପ୍ରକାର ନାମ ଓ ବାସସ୍ଥାନ
୧	୨୦୫	୨୫୧୦	୦.୦୧୦	୦.୦୧୦	ଅତ	କୁମୁଦିନୀ ନାୟକ, ପି.- ଦେବାନନ୍ଦ ନାୟକ, ବା: ନିଜଗାଁ
40
